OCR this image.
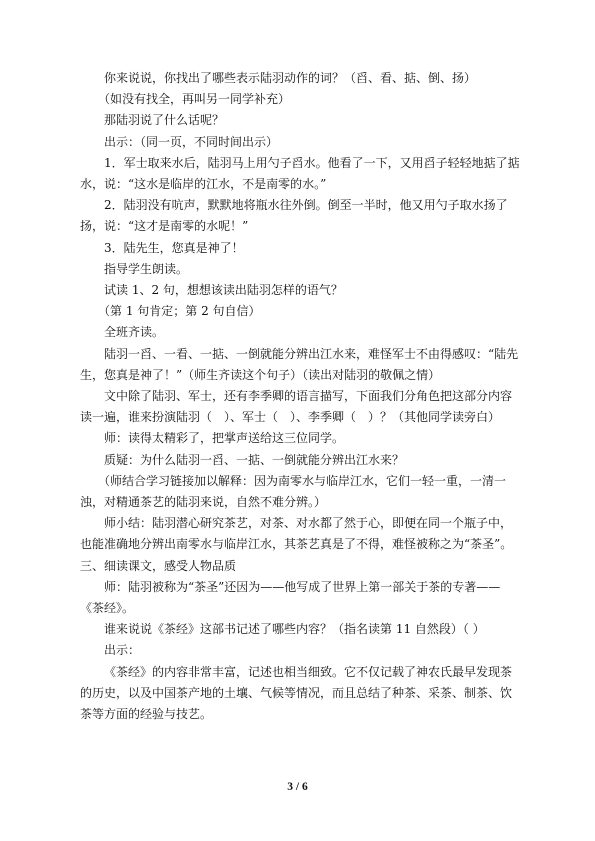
你来说说，你找出了哪些表示陆羽动作的词？（舀、看、掂、倒、扬）

（如没有找全，再叫另一同学补充）

那陆羽说了什么话呢？

出示：（同一页，不同时间出示）

1．军士取来水后，陆羽马上用勺子舀水。他看了一下，又用舀子轻轻地掂了掂水，说：“这水是临岸的江水，不是南零的水。”

2．陆羽没有吭声，默默地将瓶水往外倒。倒至一半时，他又用勺子取水扬了扬，说：“这才是南零的水呢！”

3．陆先生，您真是神了！

指导学生朗读。

试读 1、2 句，想想该读出陆羽怎样的语气？

（第 1 句肯定；第 2 句自信）

全班齐读。

陆羽一舀、一看、一掂、一倒就能分辨出江水来，难怪军士不由得感叹：“陆先生，您真是神了！”（师生齐读这个句子）（读出对陆羽的敬佩之情）

文中除了陆羽、军士，还有李季卿的语言描写，下面我们分角色把这部分内容读一遍，谁来扮演陆羽（　）、军士（　）、李季卿（　）？（其他同学读旁白）

师：读得太精彩了，把掌声送给这三位同学。

质疑：为什么陆羽一舀、一掂、一倒就能分辨出江水来？

（师结合学习链接加以解释：因为南零水与临岸江水，它们一轻一重，一清一浊，对精通茶艺的陆羽来说，自然不难分辨。）

师小结：陆羽潜心研究茶艺，对茶、对水都了然于心，即便在同一个瓶子中，也能准确地分辨出南零水与临岸江水，其茶艺真是了不得，难怪被称之为“茶圣”。

三、细读课文，感受人物品质

师：陆羽被称为“茶圣”还因为——他写成了世界上第一部关于茶的专著——《茶经》。

谁来说说《茶经》这部书记述了哪些内容？（指名读第 11 自然段）（ ）

出示：

《茶经》的内容非常丰富，记述也相当细致。它不仅记载了神农氏最早发现茶的历史，以及中国茶产地的土壤、气候等情况，而且总结了种茶、采茶、制茶、饮茶等方面的经验与技艺。

3 / 6
